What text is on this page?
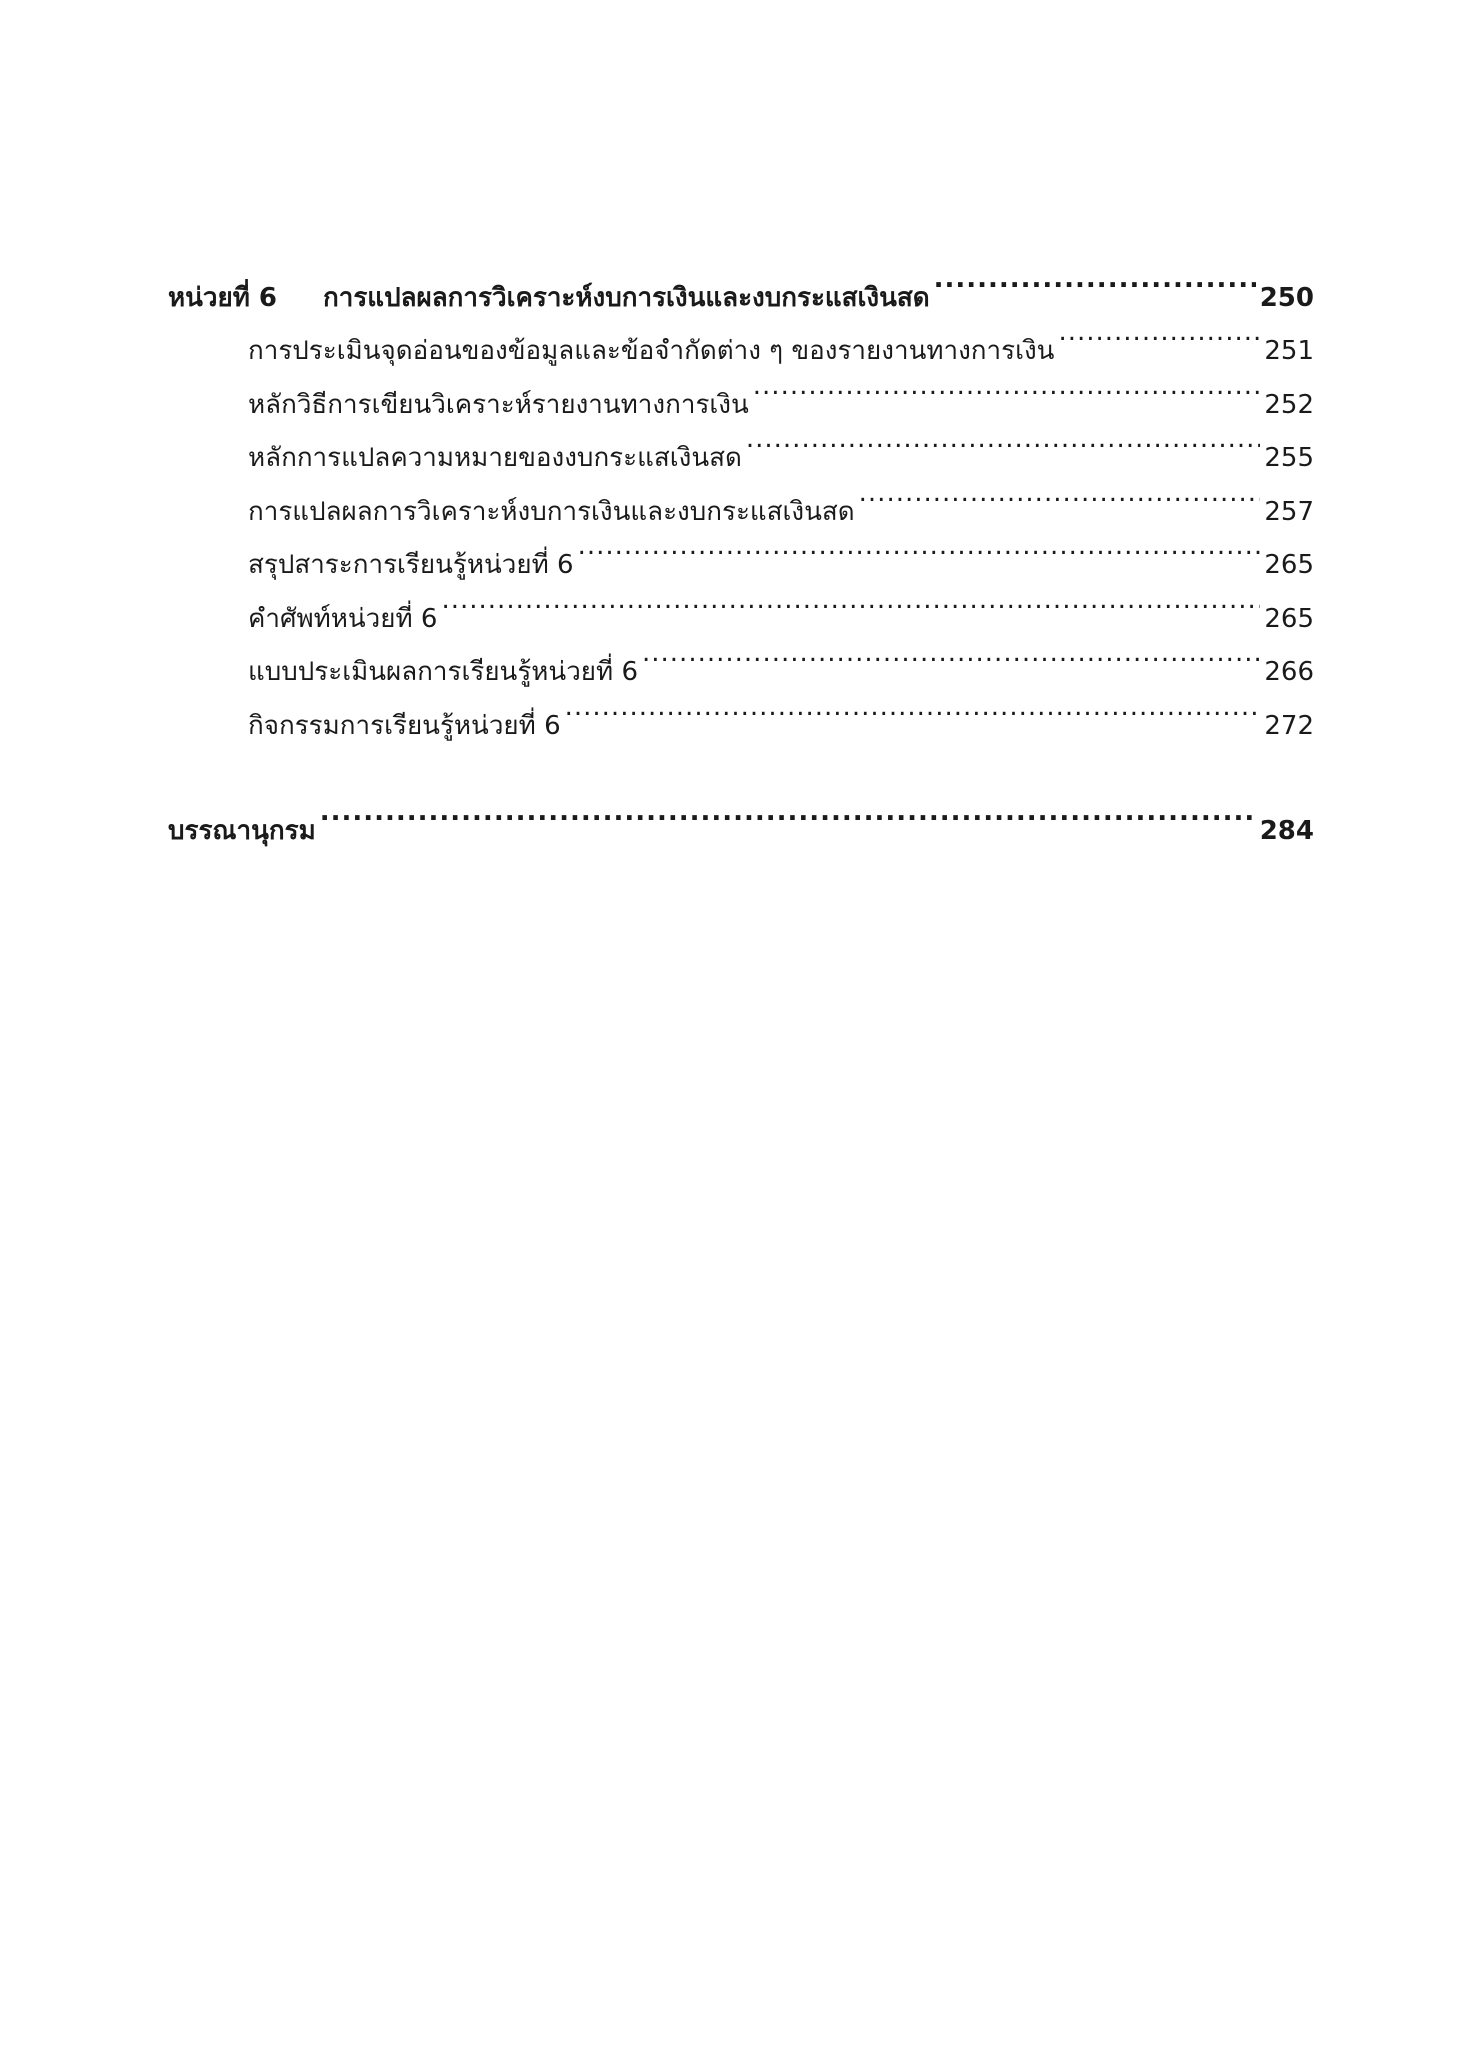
หน่วยที่ 6	การแปลผลการวิเคราะห์งบการเงินและงบกระแสเงินสด .....	250
การประเมินจุดอ่อนของข้อมูลและข้อจำกัดต่าง ๆ ของรายงานทางการเงิน .....	251
หลักวิธีการเขียนวิเคราะห์รายงานทางการเงิน .....	252
หลักการแปลความหมายของงบกระแสเงินสด .....	255
การแปลผลการวิเคราะห์งบการเงินและงบกระแสเงินสด .....	257
สรุปสาระการเรียนรู้หน่วยที่ 6 .....	265
คำศัพท์หน่วยที่ 6 .....	265
แบบประเมินผลการเรียนรู้หน่วยที่ 6 .....	266
กิจกรรมการเรียนรู้หน่วยที่ 6 .....	272
บรรณานุกรม .....	284
